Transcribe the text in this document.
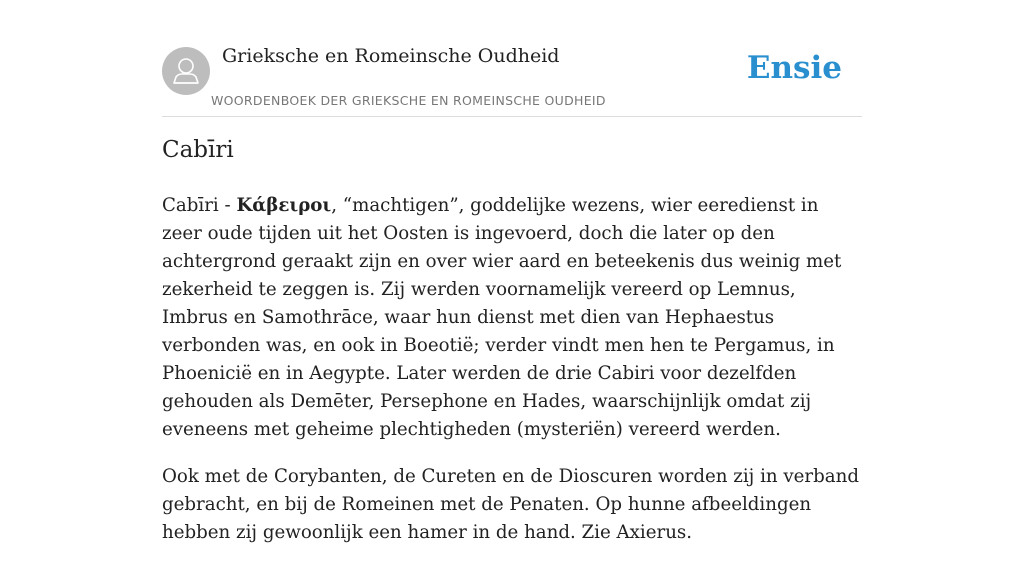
Grieksche en Romeinsche Oudheid
WOORDENBOEK DER GRIEKSCHE EN ROMEINSCHE OUDHEID
Ensie
Cabīri

Cabīri - Κάβειροι, “machtigen”, goddelijke wezens, wier eeredienst in zeer oude tijden uit het Oosten is ingevoerd, doch die later op den achtergrond geraakt zijn en over wier aard en beteekenis dus weinig met zekerheid te zeggen is. Zij werden voornamelijk vereerd op Lemnus, Imbrus en Samothrāce, waar hun dienst met dien van Hephaestus verbonden was, en ook in Boeotië; verder vindt men hen te Pergamus, in Phoenicië en in Aegypte. Later werden de drie Cabiri voor dezelfden gehouden als Demēter, Persephone en Hades, waarschijnlijk omdat zij eveneens met geheime plechtigheden (mysteriën) vereerd werden.

Ook met de Corybanten, de Cureten en de Dioscuren worden zij in verband gebracht, en bij de Romeinen met de Penaten. Op hunne afbeeldingen hebben zij gewoonlijk een hamer in de hand. Zie Axierus.
